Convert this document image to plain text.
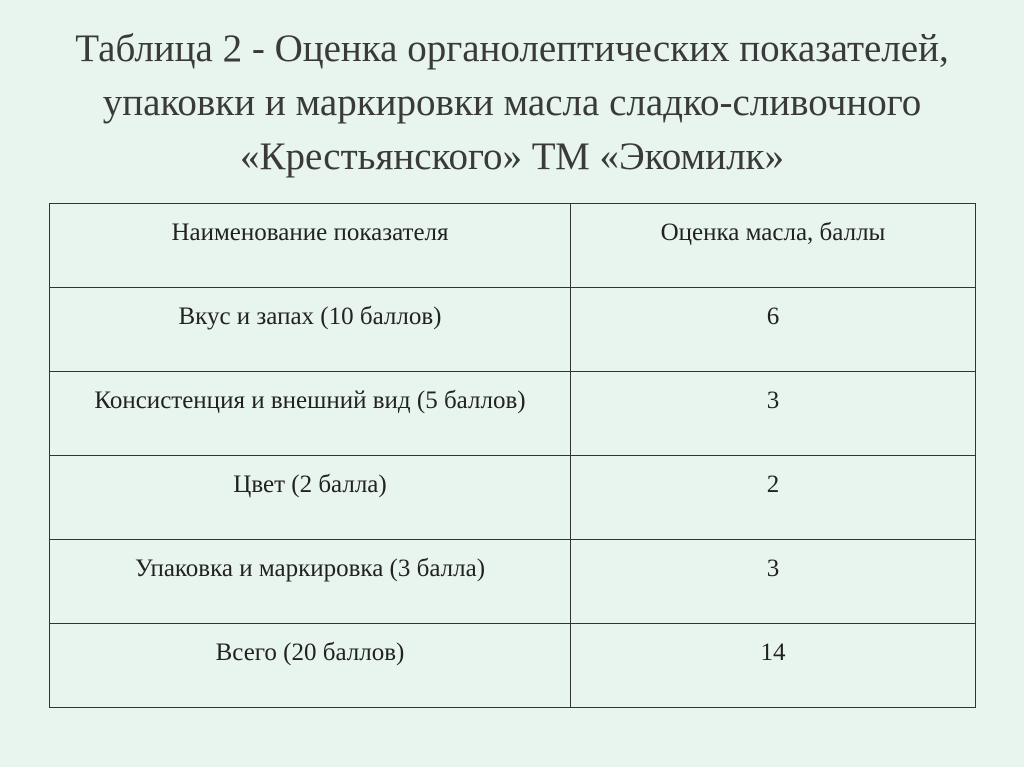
Таблица 2 - Оценка органолептических показателей,
упаковки и маркировки масла сладко-сливочного
«Крестьянского» ТМ «Экомилк»
Наименование показателя	Оценка масла, баллы
Вкус и запах (10 баллов)	6
Консистенция и внешний вид (5 баллов)	3
Цвет (2 балла)	2
Упаковка и маркировка (3 балла)	3
Всего (20 баллов)	14
